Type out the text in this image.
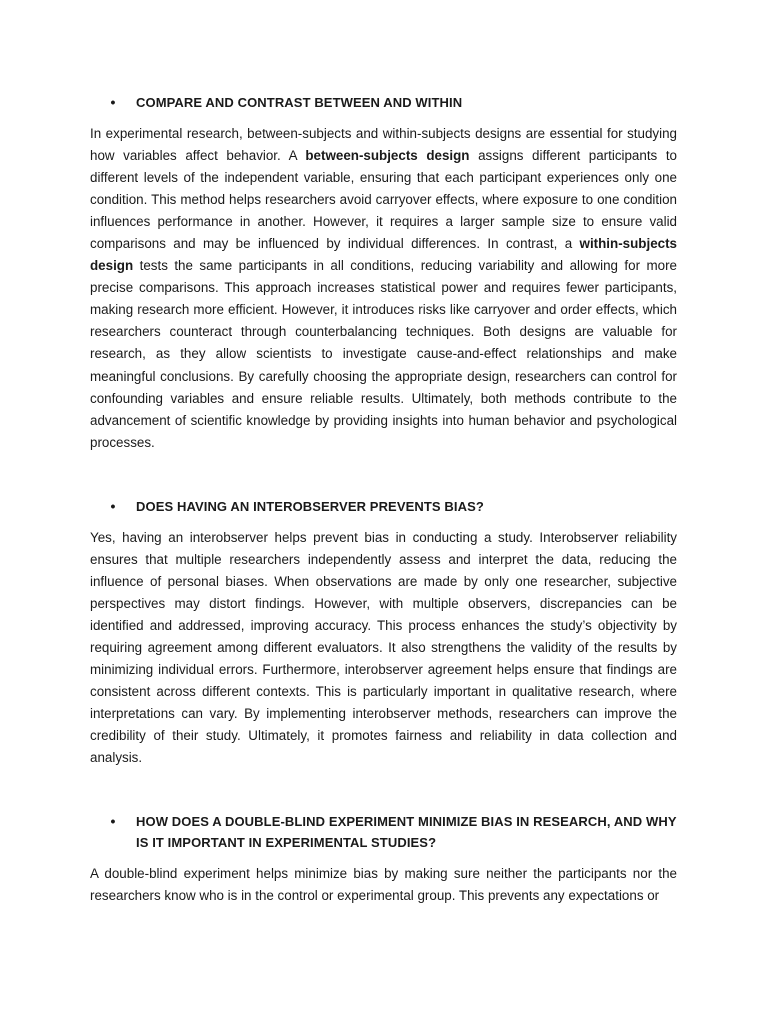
•	COMPARE AND CONTRAST BETWEEN AND WITHIN

In experimental research, between-subjects and within-subjects designs are essential for studying how variables affect behavior. A between-subjects design assigns different participants to different levels of the independent variable, ensuring that each participant experiences only one condition. This method helps researchers avoid carryover effects, where exposure to one condition influences performance in another. However, it requires a larger sample size to ensure valid comparisons and may be influenced by individual differences. In contrast, a within-subjects design tests the same participants in all conditions, reducing variability and allowing for more precise comparisons. This approach increases statistical power and requires fewer participants, making research more efficient. However, it introduces risks like carryover and order effects, which researchers counteract through counterbalancing techniques. Both designs are valuable for research, as they allow scientists to investigate cause-and-effect relationships and make meaningful conclusions. By carefully choosing the appropriate design, researchers can control for confounding variables and ensure reliable results. Ultimately, both methods contribute to the advancement of scientific knowledge by providing insights into human behavior and psychological processes.

•	DOES HAVING AN INTEROBSERVER PREVENTS BIAS?

Yes, having an interobserver helps prevent bias in conducting a study. Interobserver reliability ensures that multiple researchers independently assess and interpret the data, reducing the influence of personal biases. When observations are made by only one researcher, subjective perspectives may distort findings. However, with multiple observers, discrepancies can be identified and addressed, improving accuracy. This process enhances the study’s objectivity by requiring agreement among different evaluators. It also strengthens the validity of the results by minimizing individual errors. Furthermore, interobserver agreement helps ensure that findings are consistent across different contexts. This is particularly important in qualitative research, where interpretations can vary. By implementing interobserver methods, researchers can improve the credibility of their study. Ultimately, it promotes fairness and reliability in data collection and analysis.

•	HOW DOES A DOUBLE-BLIND EXPERIMENT MINIMIZE BIAS IN RESEARCH, AND WHY IS IT IMPORTANT IN EXPERIMENTAL STUDIES?

A double-blind experiment helps minimize bias by making sure neither the participants nor the researchers know who is in the control or experimental group. This prevents any expectations or
